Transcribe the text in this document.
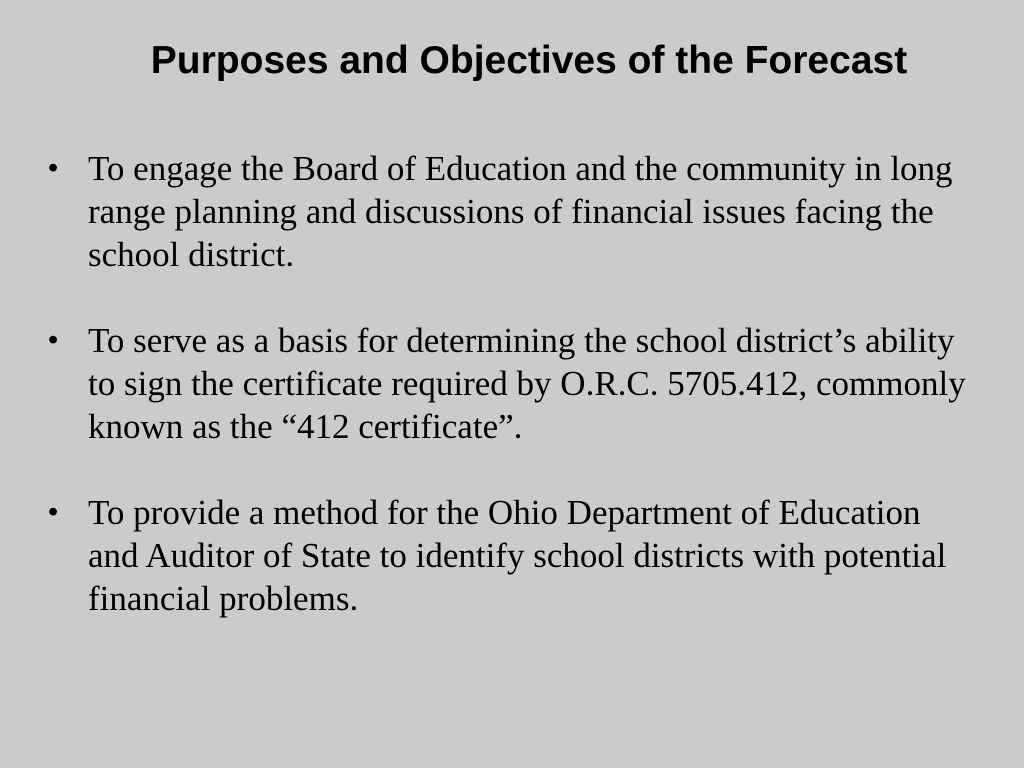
Purposes and Objectives of the Forecast
• To engage the Board of Education and the community in long range planning and discussions of financial issues facing the school district.
• To serve as a basis for determining the school district’s ability to sign the certificate required by O.R.C. 5705.412, commonly known as the “412 certificate”.
• To provide a method for the Ohio Department of Education and Auditor of State to identify school districts with potential financial problems.
